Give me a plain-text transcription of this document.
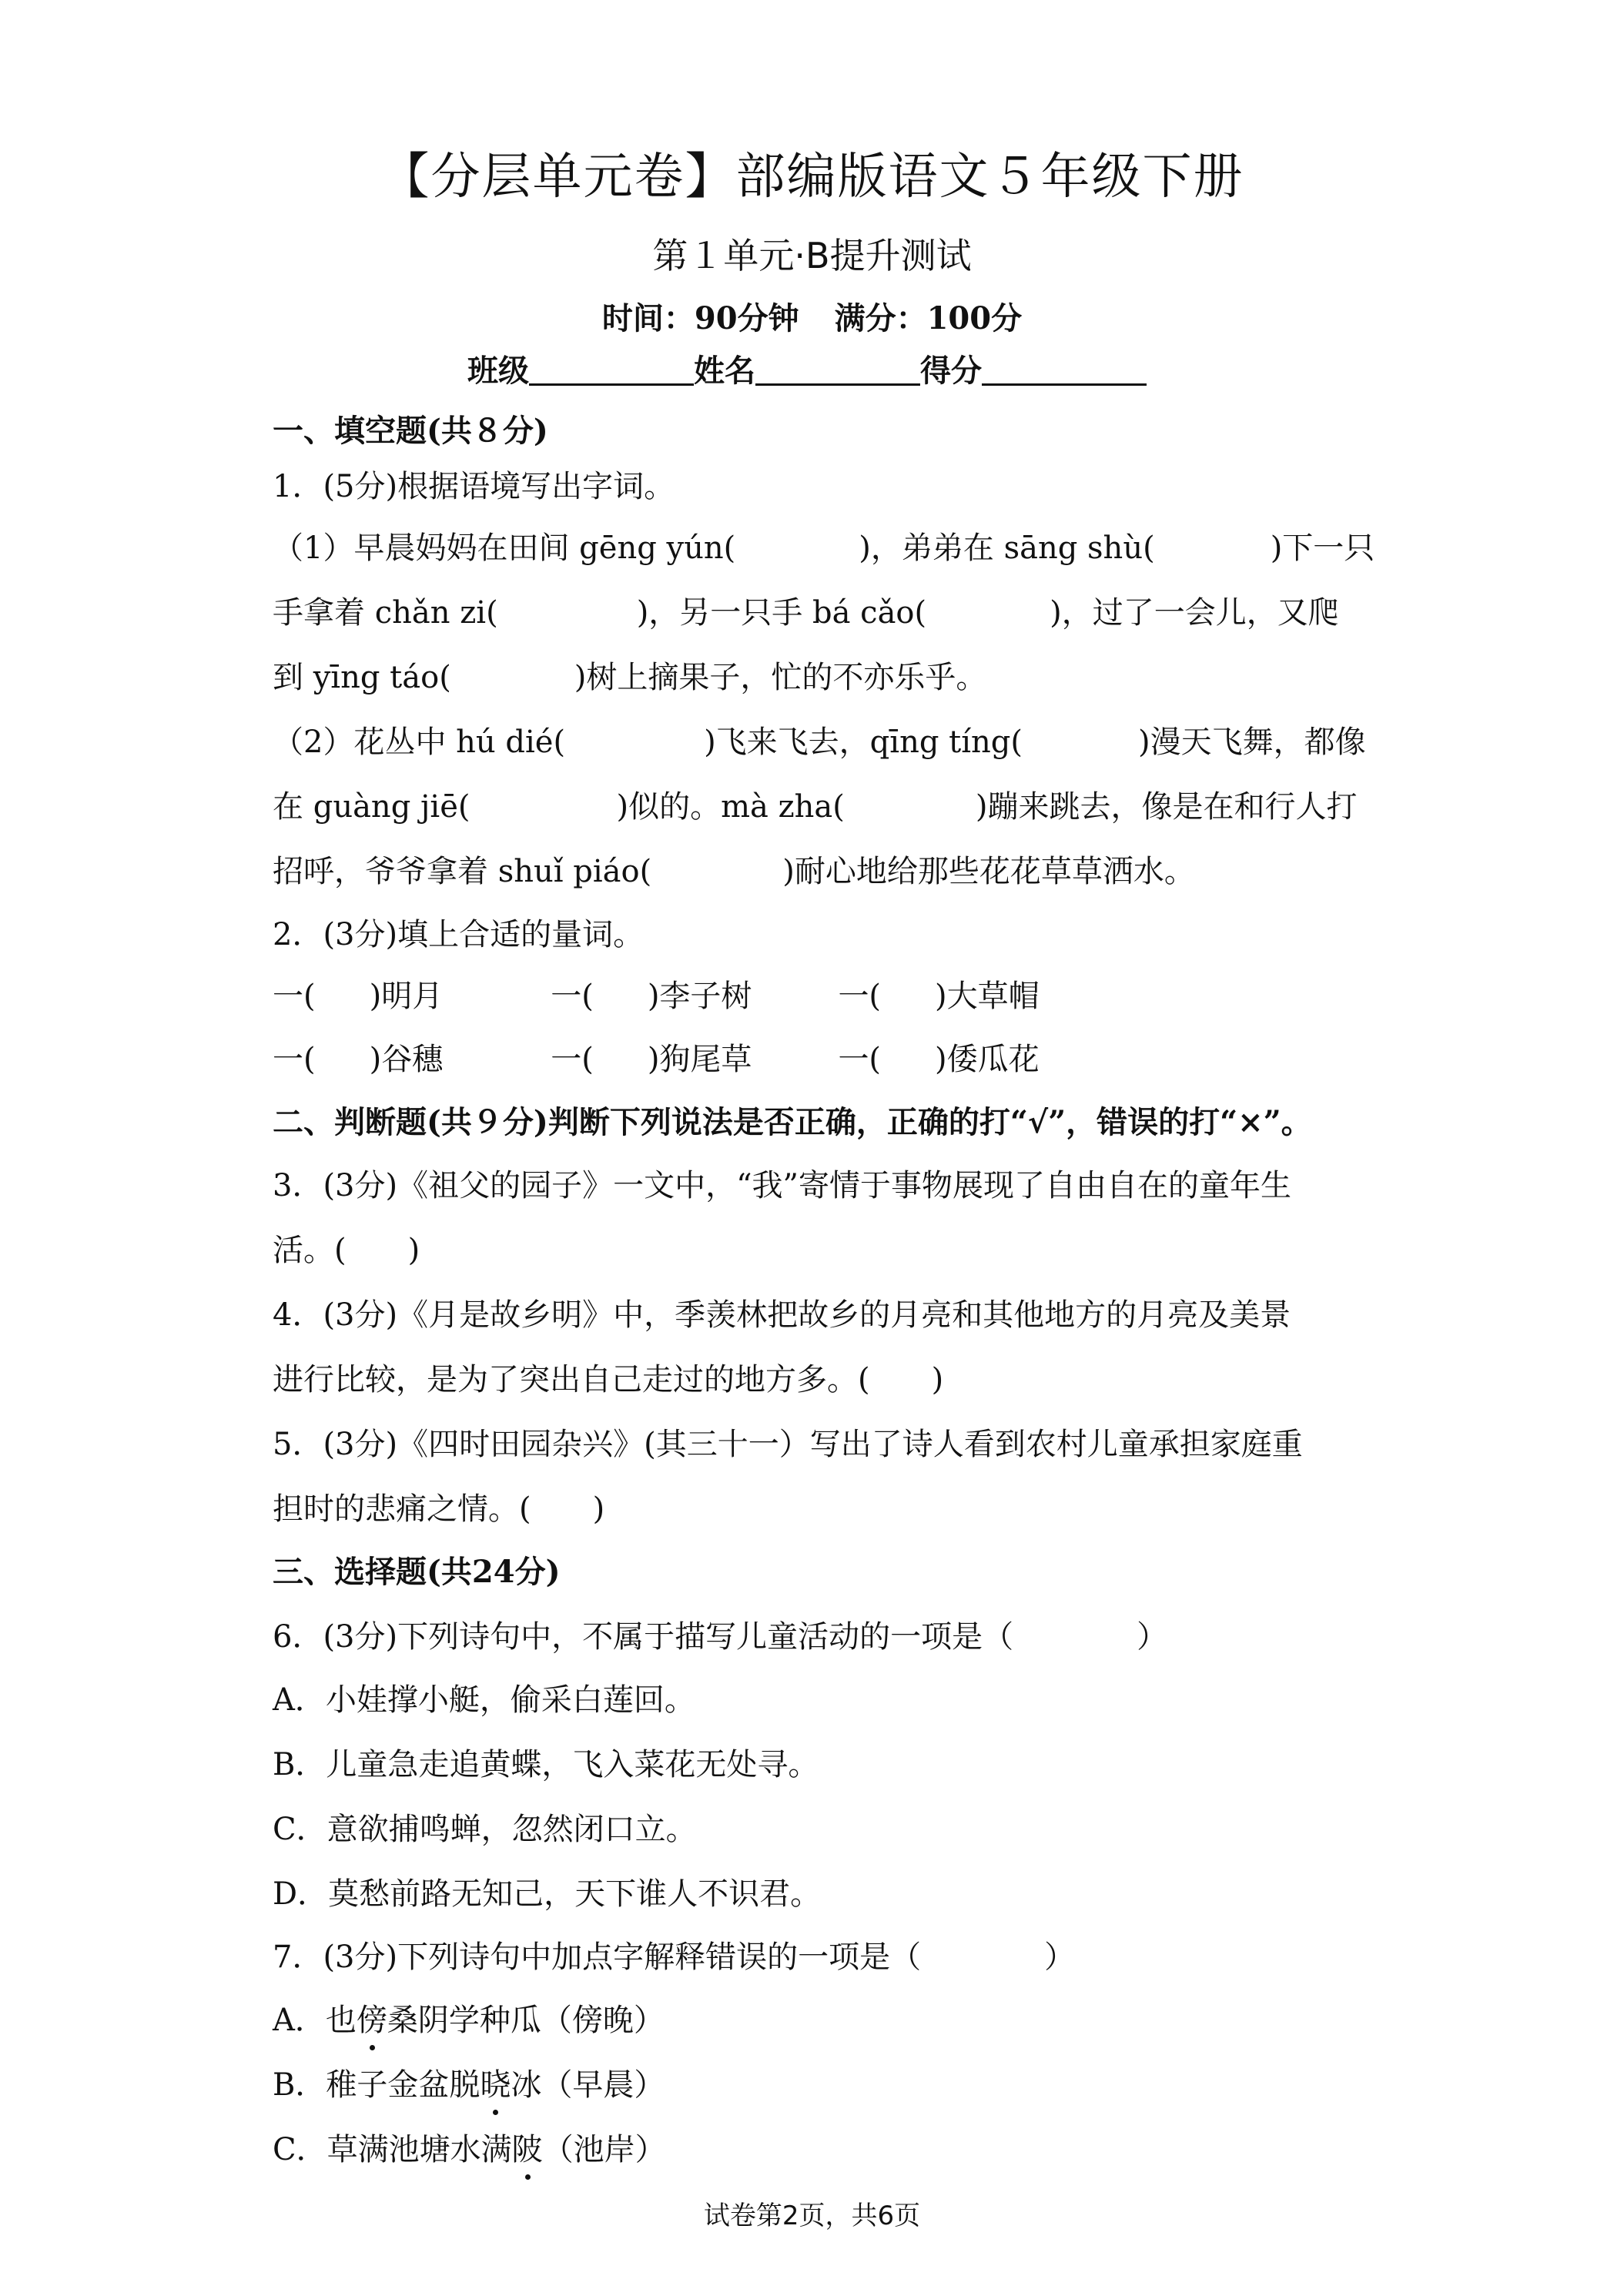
【分层单元卷】部编版语文５年级下册
第１单元·B提升测试
时间：90分钟 满分：100分
班级	姓名	得分
一、填空题(共８分)
1．(5分)根据语境写出字词。
（1）早晨妈妈在田间 gēng yún(	)，弟弟在 sāng shù(	)下一只
手拿着 chǎn zi(	)，另一只手 bá cǎo(	)，过了一会儿，又爬
到 yīng táo(	)树上摘果子，忙的不亦乐乎。
（2）花丛中 hú dié(	)飞来飞去，qīng tíng(	)漫天飞舞，都像
在 guàng jiē(	)似的。mà zha(	)蹦来跳去，像是在和行人打
招呼，爷爷拿着 shuǐ piáo(	)耐心地给那些花花草草洒水。
2．(3分)填上合适的量词。
一( )明月	一( )李子树	一( )大草帽
一( )谷穗	一( )狗尾草	一( )倭瓜花
二、判断题(共９分)判断下列说法是否正确，正确的打“√”，错误的打“×”。
3．(3分)《祖父的园子》一文中，“我”寄情于事物展现了自由自在的童年生
活。(　　)
4．(3分)《月是故乡明》中，季羡林把故乡的月亮和其他地方的月亮及美景
进行比较，是为了突出自己走过的地方多。(　　)
5．(3分)《四时田园杂兴》(其三十一）写出了诗人看到农村儿童承担家庭重
担时的悲痛之情。(　　)
三、选择题(共24分)
6．(3分)下列诗句中，不属于描写儿童活动的一项是（　　　　）
A．小娃撑小艇，偷采白莲回。
B．儿童急走追黄蝶，飞入菜花无处寻。
C．意欲捕鸣蝉，忽然闭口立。
D．莫愁前路无知己，天下谁人不识君。
7．(3分)下列诗句中加点字解释错误的一项是（　　　　）
A．也傍桑阴学种瓜（傍晚）
B．稚子金盆脱晓冰（早晨）
C．草满池塘水满陂（池岸）
试卷第2页，共6页
